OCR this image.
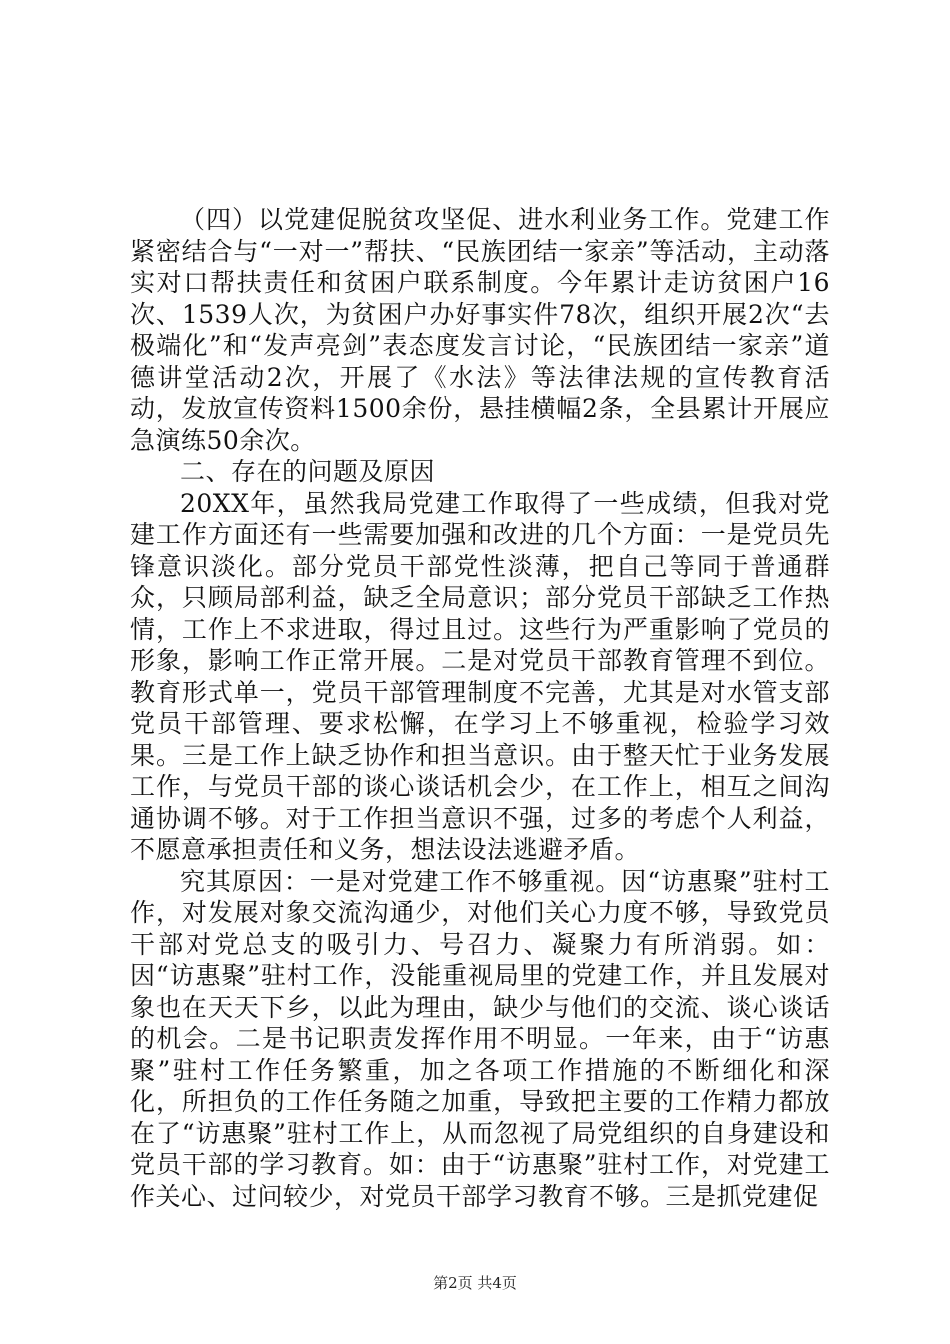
（四）以党建促脱贫攻坚促、进水利业务工作。党建工作紧密结合与“一对一”帮扶、“民族团结一家亲”等活动，主动落实对口帮扶责任和贫困户联系制度。今年累计走访贫困户16次、1539人次，为贫困户办好事实件78次，组织开展2次“去极端化”和“发声亮剑”表态度发言讨论，“民族团结一家亲”道德讲堂活动2次，开展了《水法》等法律法规的宣传教育活动，发放宣传资料1500余份，悬挂横幅2条，全县累计开展应急演练50余次。

二、存在的问题及原因

20XX年，虽然我局党建工作取得了一些成绩，但我对党建工作方面还有一些需要加强和改进的几个方面：一是党员先锋意识淡化。部分党员干部党性淡薄，把自己等同于普通群众，只顾局部利益，缺乏全局意识；部分党员干部缺乏工作热情，工作上不求进取，得过且过。这些行为严重影响了党员的形象，影响工作正常开展。二是对党员干部教育管理不到位。教育形式单一，党员干部管理制度不完善，尤其是对水管支部党员干部管理、要求松懈，在学习上不够重视，检验学习效果。三是工作上缺乏协作和担当意识。由于整天忙于业务发展工作，与党员干部的谈心谈话机会少，在工作上，相互之间沟通协调不够。对于工作担当意识不强，过多的考虑个人利益，不愿意承担责任和义务，想法设法逃避矛盾。

究其原因：一是对党建工作不够重视。因“访惠聚”驻村工作，对发展对象交流沟通少，对他们关心力度不够，导致党员干部对党总支的吸引力、号召力、凝聚力有所消弱。如：因“访惠聚”驻村工作，没能重视局里的党建工作，并且发展对象也在天天下乡，以此为理由，缺少与他们的交流、谈心谈话的机会。二是书记职责发挥作用不明显。一年来，由于“访惠聚”驻村工作任务繁重，加之各项工作措施的不断细化和深化，所担负的工作任务随之加重，导致把主要的工作精力都放在了“访惠聚”驻村工作上，从而忽视了局党组织的自身建设和党员干部的学习教育。如：由于“访惠聚”驻村工作，对党建工作关心、过问较少，对党员干部学习教育不够。三是抓党建促

第2页 共4页
